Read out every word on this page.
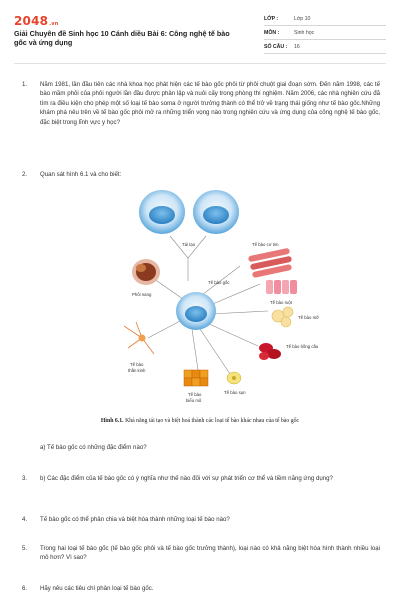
2048.vn
Giải Chuyên đề Sinh học 10 Cánh diều Bài 6: Công nghệ tế bào gốc và ứng dụng
LỚP :	Lớp 10
MÔN :	Sinh học
SỐ CÂU :	16
1. Năm 1981, lần đầu tiên các nhà khoa học phát hiện các tế bào gốc phôi từ phôi chuột giai đoạn sớm. Đến năm 1998, các tế bào mầm phôi của phôi người lần đầu được phân lập và nuôi cấy trong phòng thí nghiệm. Năm 2006, các nhà nghiên cứu đã tìm ra điều kiện cho phép một số loại tế bào soma ở người trưởng thành có thể trở về trạng thái giống như tế bào gốc.Những khám phá nêu trên về tế bào gốc phôi mở ra những triển vọng nào trong nghiên cứu và ứng dụng của công nghệ tế bào gốc, đặc biệt trong lĩnh vực y học?
2. Quan sát hình 6.1 và cho biết:
Tái tạo
Tế bào gốc
Phôi nang
Tế bào cơ tim
Tế bào ruột
Tế bào mỡ
Tế bào hồng cầu
Tế bào
thần kinh
Tế bào
biểu mô
Tế bào sụn
Hình 6.1. Khả năng tái tạo và biệt hoá thành các loại tế bào khác nhau của tế bào gốc
a) Tế bào gốc có những đặc điểm nào?
3. b) Các đặc điểm của tế bào gốc có ý nghĩa như thế nào đối với sự phát triển cơ thể và tiềm năng ứng dụng?
4. Tế bào gốc có thể phân chia và biệt hóa thành những loại tế bào nào?
5. Trong hai loại tế bào gốc (tế bào gốc phôi và tế bào gốc trưởng thành), loại nào có khả năng biệt hóa hình thành nhiều loại mô hơn? Vì sao?
6. Hãy nêu các tiêu chí phân loại tế bào gốc.
